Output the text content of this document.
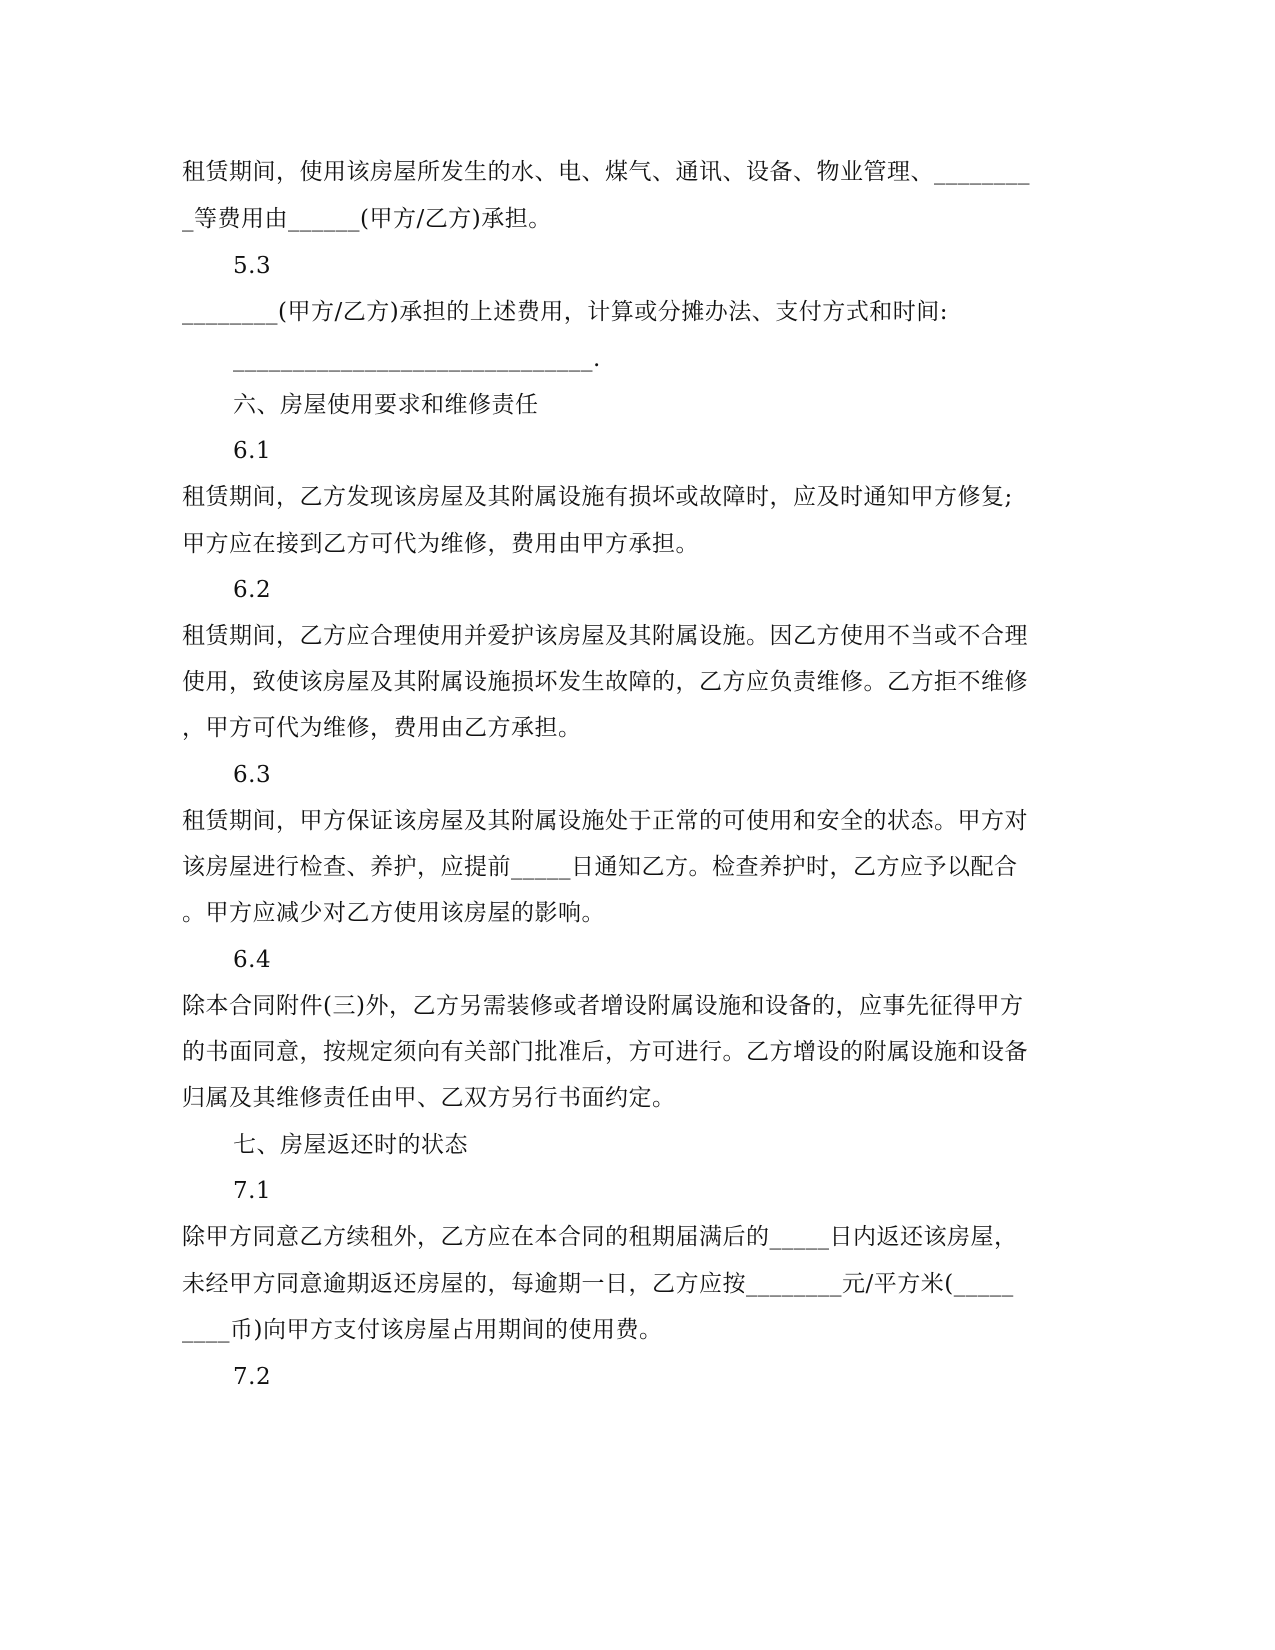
租赁期间，使用该房屋所发生的水、电、煤气、通讯、设备、物业管理、________
_等费用由______(甲方/乙方)承担。
5.3
________(甲方/乙方)承担的上述费用，计算或分摊办法、支付方式和时间:
______________________________.
六、房屋使用要求和维修责任
6.1
租赁期间，乙方发现该房屋及其附属设施有损坏或故障时，应及时通知甲方修复;
甲方应在接到乙方可代为维修，费用由甲方承担。
6.2
租赁期间，乙方应合理使用并爱护该房屋及其附属设施。因乙方使用不当或不合理
使用，致使该房屋及其附属设施损坏发生故障的，乙方应负责维修。乙方拒不维修
，甲方可代为维修，费用由乙方承担。
6.3
租赁期间，甲方保证该房屋及其附属设施处于正常的可使用和安全的状态。甲方对
该房屋进行检查、养护，应提前_____日通知乙方。检查养护时，乙方应予以配合
。甲方应减少对乙方使用该房屋的影响。
6.4
除本合同附件(三)外，乙方另需装修或者增设附属设施和设备的，应事先征得甲方
的书面同意，按规定须向有关部门批准后，方可进行。乙方增设的附属设施和设备
归属及其维修责任由甲、乙双方另行书面约定。
七、房屋返还时的状态
7.1
除甲方同意乙方续租外，乙方应在本合同的租期届满后的_____日内返还该房屋，
未经甲方同意逾期返还房屋的，每逾期一日，乙方应按________元/平方米(_____
____币)向甲方支付该房屋占用期间的使用费。
7.2
